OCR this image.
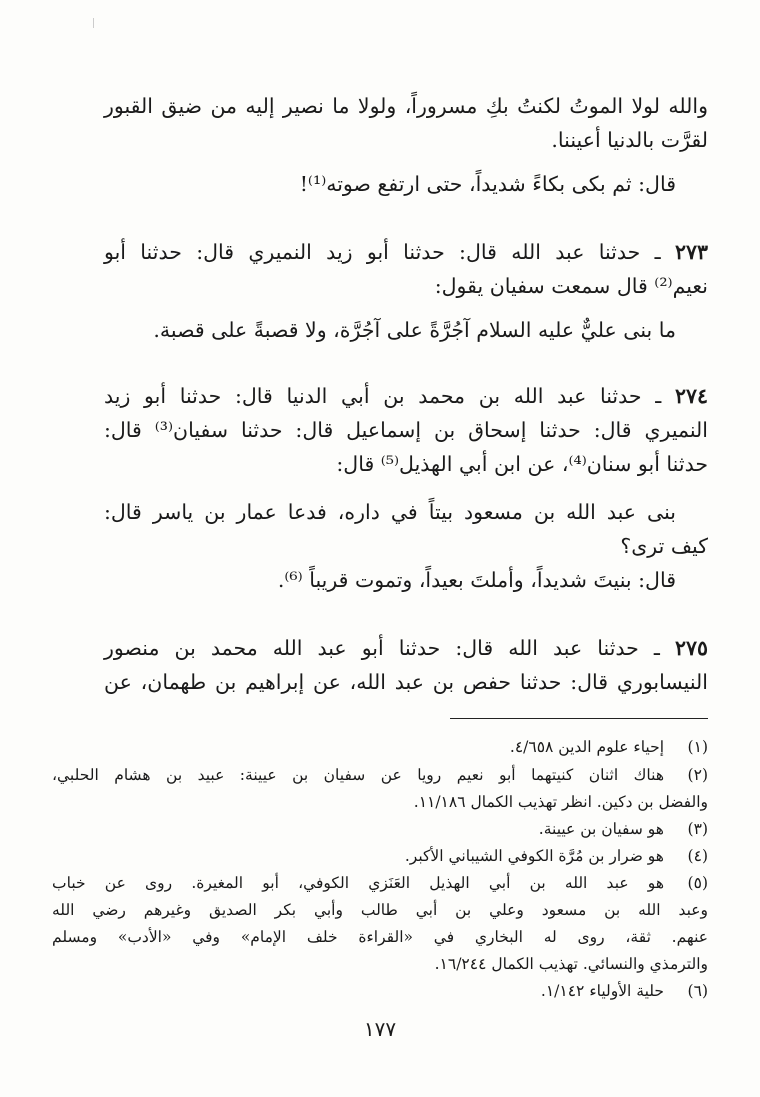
والله لولا الموتُ لكنتُ بكِ مسروراً، ولولا ما نصير إليه من ضيق القبور
لقرَّت بالدنيا أعيننا.
قال: ثم بكى بكاءً شديداً، حتى ارتفع صوته⁽¹⁾!
٢٧٣ ـ حدثنا عبد الله قال: حدثنا أبو زيد النميري قال: حدثنا أبو
نعيم⁽²⁾ قال سمعت سفيان يقول:
ما بنى عليٌّ عليه السلام آجُرَّةً على آجُرَّة، ولا قصبةً على قصبة.
٢٧٤ ـ حدثنا عبد الله بن محمد بن أبي الدنيا قال: حدثنا أبو زيد
النميري قال: حدثنا إسحاق بن إسماعيل قال: حدثنا سفيان⁽³⁾ قال:
حدثنا أبو سنان⁽⁴⁾، عن ابن أبي الهذيل⁽⁵⁾ قال:
بنى عبد الله بن مسعود بيتاً في داره، فدعا عمار بن ياسر قال:
كيف ترى؟
قال: بنيتَ شديداً، وأملتَ بعيداً، وتموت قريباً ⁽⁶⁾.
٢٧٥ ـ حدثنا عبد الله قال: حدثنا أبو عبد الله محمد بن منصور
النيسابوري قال: حدثنا حفص بن عبد الله، عن إبراهيم بن طهمان، عن
(١)
إحياء علوم الدين ٤/٦٥٨.
(٢)
هناك اثنان كنيتهما أبو نعيم رويا عن سفيان بن عيينة: عبيد بن هشام الحلبي،
والفضل بن دكين. انظر تهذيب الكمال ١١/١٨٦.
(٣)
هو سفيان بن عيينة.
(٤)
هو ضرار بن مُرَّة الكوفي الشيباني الأكبر.
(٥)
هو عبد الله بن أبي الهذيل العَنَزي الكوفي، أبو المغيرة. روى عن خباب
وعبد الله بن مسعود وعلي بن أبي طالب وأبي بكر الصديق وغيرهم رضي الله
عنهم. ثقة، روى له البخاري في «القراءة خلف الإمام» وفي «الأدب» ومسلم
والترمذي والنسائي. تهذيب الكمال ١٦/٢٤٤.
(٦)
حلية الأولياء ١/١٤٢.
١٧٧
